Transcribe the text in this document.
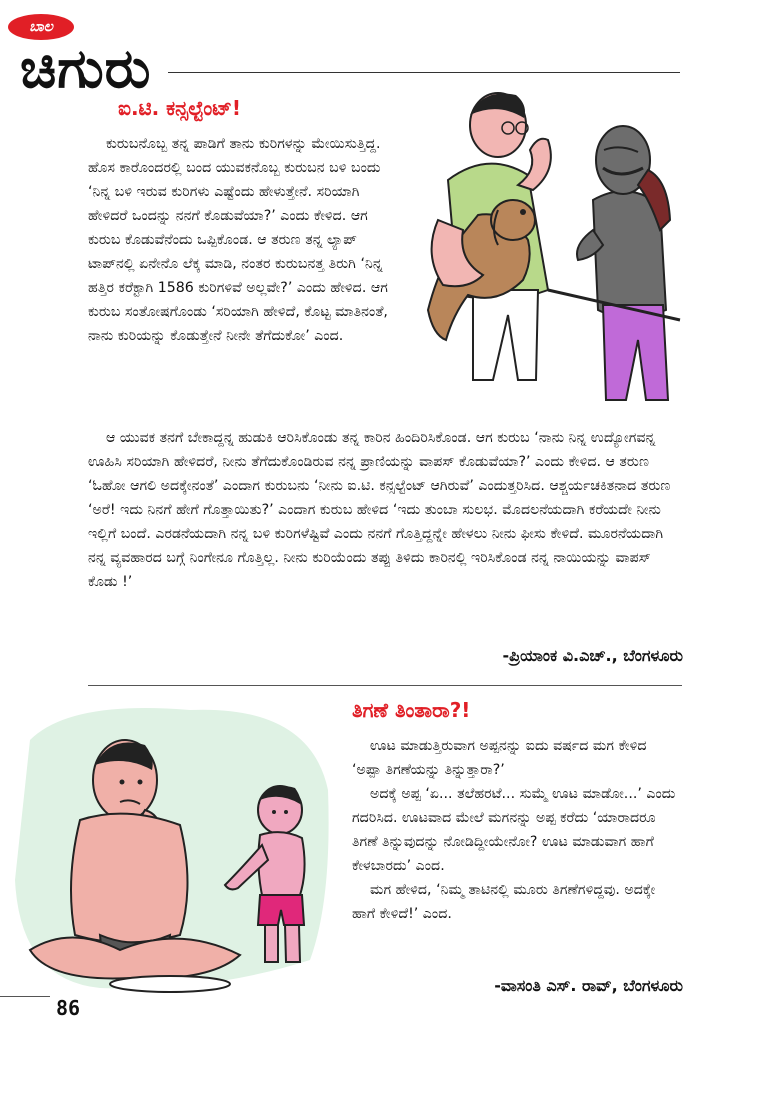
ಬಾಲ
ಚಿಗುರು
ಐ.ಟಿ. ಕನ್ಸಲ್ಟೆಂಟ್!

ಕುರುಬನೊಬ್ಬ ತನ್ನ ಪಾಡಿಗೆ ತಾನು ಕುರಿಗಳನ್ನು ಮೇಯಿಸುತ್ತಿದ್ದ. ಹೊಸ ಕಾರೊಂದರಲ್ಲಿ ಬಂದ ಯುವಕನೊಬ್ಬ ಕುರುಬನ ಬಳಿ ಬಂದು ‘ನಿನ್ನ ಬಳಿ ಇರುವ ಕುರಿಗಳು ಎಷ್ಟೆಂದು ಹೇಳುತ್ತೇನೆ. ಸರಿಯಾಗಿ ಹೇಳಿದರೆ ಒಂದನ್ನು ನನಗೆ ಕೊಡುವೆಯಾ?’ ಎಂದು ಕೇಳಿದ. ಆಗ ಕುರುಬ ಕೊಡುವೆನೆಂದು ಒಪ್ಪಿಕೊಂಡ. ಆ ತರುಣ ತನ್ನ ಲ್ಯಾಪ್ ಟಾಪ್‌ನಲ್ಲಿ ಏನೇನೊ ಲೆಕ್ಕ ಮಾಡಿ, ನಂತರ ಕುರುಬನತ್ತ ತಿರುಗಿ ‘ನಿನ್ನ ಹತ್ತಿರ ಕರೆಕ್ಟಾಗಿ 1586 ಕುರಿಗಳಿವೆ ಅಲ್ಲವೇ?’ ಎಂದು ಹೇಳಿದ. ಆಗ ಕುರುಬ ಸಂತೋಷಗೊಂಡು ‘ಸರಿಯಾಗಿ ಹೇಳಿದೆ, ಕೊಟ್ಟ ಮಾತಿನಂತೆ, ನಾನು ಕುರಿಯನ್ನು ಕೊಡುತ್ತೇನೆ ನೀನೇ ತೆಗೆದುಕೋ’ ಎಂದ.

ಆ ಯುವಕ ತನಗೆ ಬೇಕಾದ್ದನ್ನ ಹುಡುಕಿ ಆರಿಸಿಕೊಂಡು ತನ್ನ ಕಾರಿನ ಹಿಂದಿರಿಸಿಕೊಂಡ. ಆಗ ಕುರುಬ ‘ನಾನು ನಿನ್ನ ಉದ್ಯೋಗವನ್ನ ಊಹಿಸಿ ಸರಿಯಾಗಿ ಹೇಳಿದರೆ, ನೀನು ತೆಗೆದುಕೊಂಡಿರುವ ನನ್ನ ಪ್ರಾಣಿಯನ್ನು ವಾಪಸ್ ಕೊಡುವೆಯಾ?’ ಎಂದು ಕೇಳಿದ. ಆ ತರುಣ ‘ಓಹೋ ಆಗಲಿ ಅದಕ್ಕೇನಂತೆ’ ಎಂದಾಗ ಕುರುಬನು ‘ನೀನು ಐ.ಟಿ. ಕನ್ಸಲ್ಟೆಂಟ್ ಆಗಿರುವೆ’ ಎಂದುತ್ತರಿಸಿದ. ಆಶ್ಚರ್ಯಚಕಿತನಾದ ತರುಣ ‘ಅರೆ! ಇದು ನಿನಗೆ ಹೇಗೆ ಗೊತ್ತಾಯಿತು?’ ಎಂದಾಗ ಕುರುಬ ಹೇಳಿದ ‘ಇದು ತುಂಬಾ ಸುಲಭ. ಮೊದಲನೆಯದಾಗಿ ಕರೆಯದೇ ನೀನು ಇಲ್ಲಿಗೆ ಬಂದೆ. ಎರಡನೆಯದಾಗಿ ನನ್ನ ಬಳಿ ಕುರಿಗಳೆಷ್ಟಿವೆ ಎಂದು ನನಗೆ ಗೊತ್ತಿದ್ದನ್ನೇ ಹೇಳಲು ನೀನು ಫೀಸು ಕೇಳಿದೆ. ಮೂರನೆಯದಾಗಿ ನನ್ನ ವ್ಯವಹಾರದ ಬಗ್ಗೆ ನಿಂಗೇನೂ ಗೊತ್ತಿಲ್ಲ. ನೀನು ಕುರಿಯೆಂದು ತಪ್ಪು ತಿಳಿದು ಕಾರಿನಲ್ಲಿ ಇರಿಸಿಕೊಂಡ ನನ್ನ ನಾಯಿಯನ್ನು ವಾಪಸ್ ಕೊಡು !’

-ಪ್ರಿಯಾಂಕ ವಿ.ಎಚ್., ಬೆಂಗಳೂರು
ತಿಗಣೆ ತಿಂತಾರಾ?!
ಊಟ ಮಾಡುತ್ತಿರುವಾಗ ಅಪ್ಪನನ್ನು ಐದು ವರ್ಷದ ಮಗ ಕೇಳಿದ ‘ಅಪ್ಪಾ ತಿಗಣೆಯನ್ನು ತಿನ್ನುತ್ತಾರಾ?’
ಅದಕ್ಕೆ ಅಪ್ಪ ‘ಏ... ತಲೆಹರಟೆ... ಸುಮ್ಮೆ ಊಟ ಮಾಡೋ...’ ಎಂದು ಗದರಿಸಿದ. ಊಟವಾದ ಮೇಲೆ ಮಗನನ್ನು ಅಪ್ಪ ಕರೆದು ‘ಯಾರಾದರೂ ತಿಗಣೆ ತಿನ್ನುವುದನ್ನು ನೋಡಿದ್ದೀಯೇನೋ? ಊಟ ಮಾಡುವಾಗ ಹಾಗೆ ಕೇಳಬಾರದು’ ಎಂದ.
ಮಗ ಹೇಳಿದ, ‘ನಿಮ್ಮ ತಾಟಿನಲ್ಲಿ ಮೂರು ತಿಗಣೆಗಳಿದ್ದವು. ಅದಕ್ಕೇ ಹಾಗೆ ಕೇಳಿದೆ!’ ಎಂದ.
-ವಾಸಂತಿ ಎಸ್. ರಾವ್, ಬೆಂಗಳೂರು
86
